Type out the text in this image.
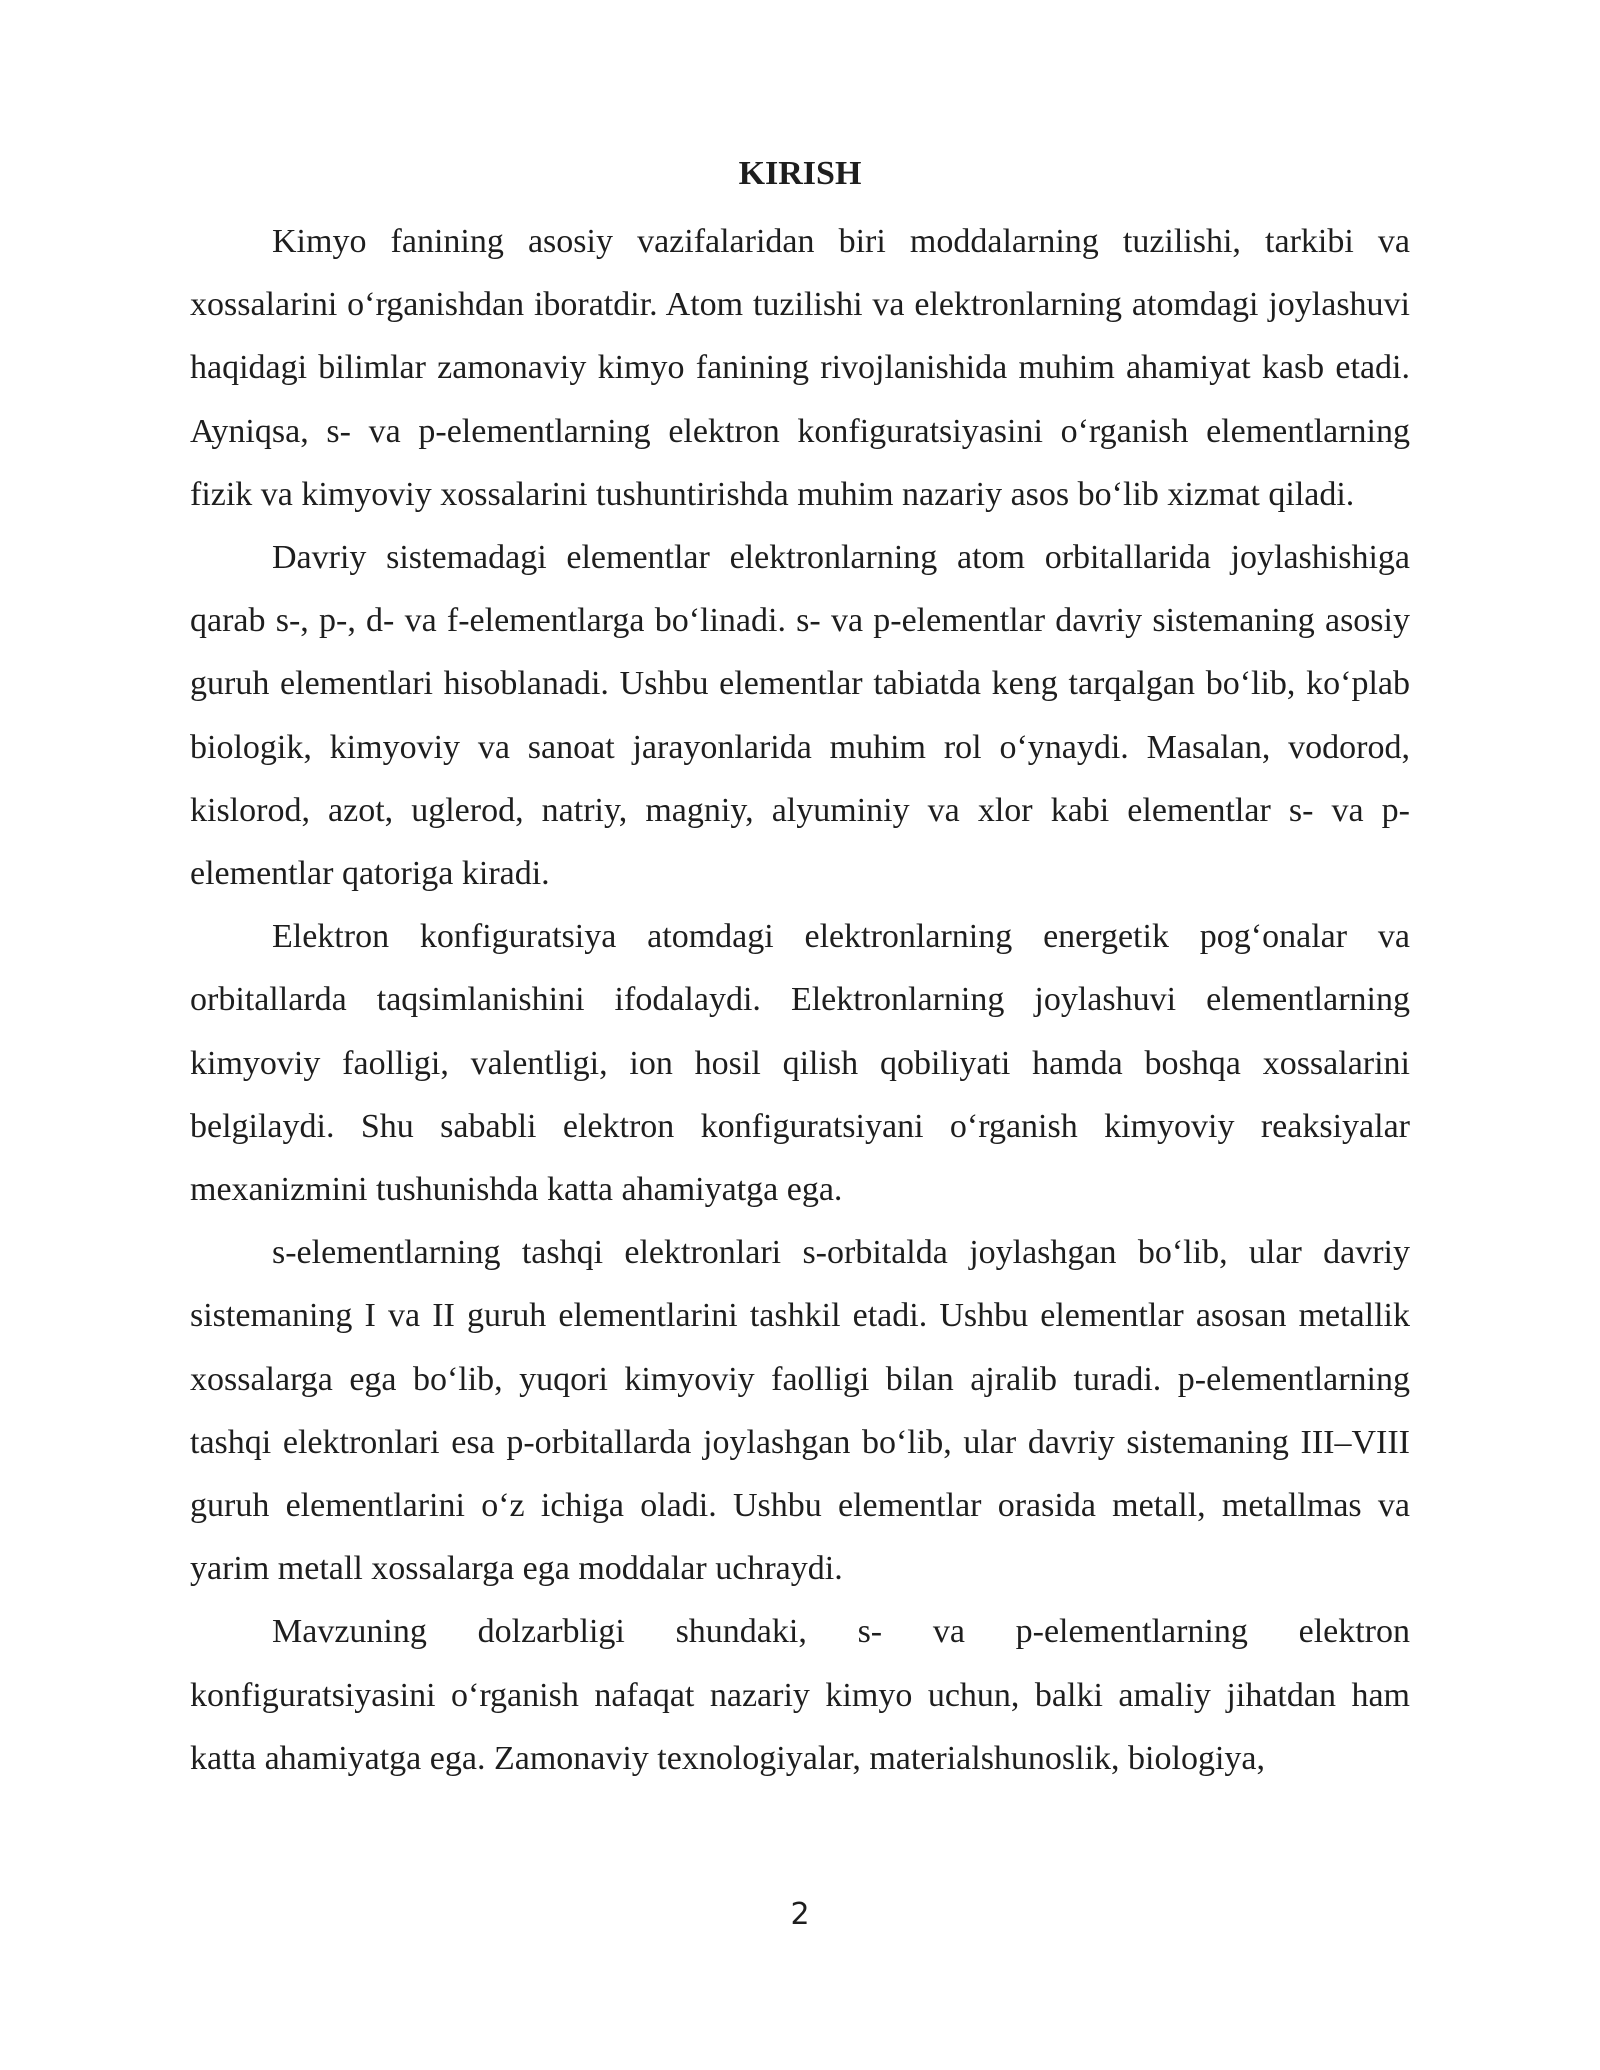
KIRISH

Kimyo fanining asosiy vazifalaridan biri moddalarning tuzilishi, tarkibi va xossalarini o‘rganishdan iboratdir. Atom tuzilishi va elektronlarning atomdagi joylashuvi haqidagi bilimlar zamonaviy kimyo fanining rivojlanishida muhim ahamiyat kasb etadi. Ayniqsa, s- va p-elementlarning elektron konfiguratsiyasini o‘rganish elementlarning fizik va kimyoviy xossalarini tushuntirishda muhim nazariy asos bo‘lib xizmat qiladi.

Davriy sistemadagi elementlar elektronlarning atom orbitallarida joylashishiga qarab s-, p-, d- va f-elementlarga bo‘linadi. s- va p-elementlar davriy sistemaning asosiy guruh elementlari hisoblanadi. Ushbu elementlar tabiatda keng tarqalgan bo‘lib, ko‘plab biologik, kimyoviy va sanoat jarayonlarida muhim rol o‘ynaydi. Masalan, vodorod, kislorod, azot, uglerod, natriy, magniy, alyuminiy va xlor kabi elementlar s- va p-elementlar qatoriga kiradi.

Elektron konfiguratsiya atomdagi elektronlarning energetik pog‘onalar va orbitallarda taqsimlanishini ifodalaydi. Elektronlarning joylashuvi elementlarning kimyoviy faolligi, valentligi, ion hosil qilish qobiliyati hamda boshqa xossalarini belgilaydi. Shu sababli elektron konfiguratsiyani o‘rganish kimyoviy reaksiyalar mexanizmini tushunishda katta ahamiyatga ega.

s-elementlarning tashqi elektronlari s-orbitalda joylashgan bo‘lib, ular davriy sistemaning I va II guruh elementlarini tashkil etadi. Ushbu elementlar asosan metallik xossalarga ega bo‘lib, yuqori kimyoviy faolligi bilan ajralib turadi. p-elementlarning tashqi elektronlari esa p-orbitallarda joylashgan bo‘lib, ular davriy sistemaning III–VIII guruh elementlarini o‘z ichiga oladi. Ushbu elementlar orasida metall, metallmas va yarim metall xossalarga ega moddalar uchraydi.

Mavzuning dolzarbligi shundaki, s- va p-elementlarning elektron konfiguratsiyasini o‘rganish nafaqat nazariy kimyo uchun, balki amaliy jihatdan ham katta ahamiyatga ega. Zamonaviy texnologiyalar, materialshunoslik, biologiya,

2
